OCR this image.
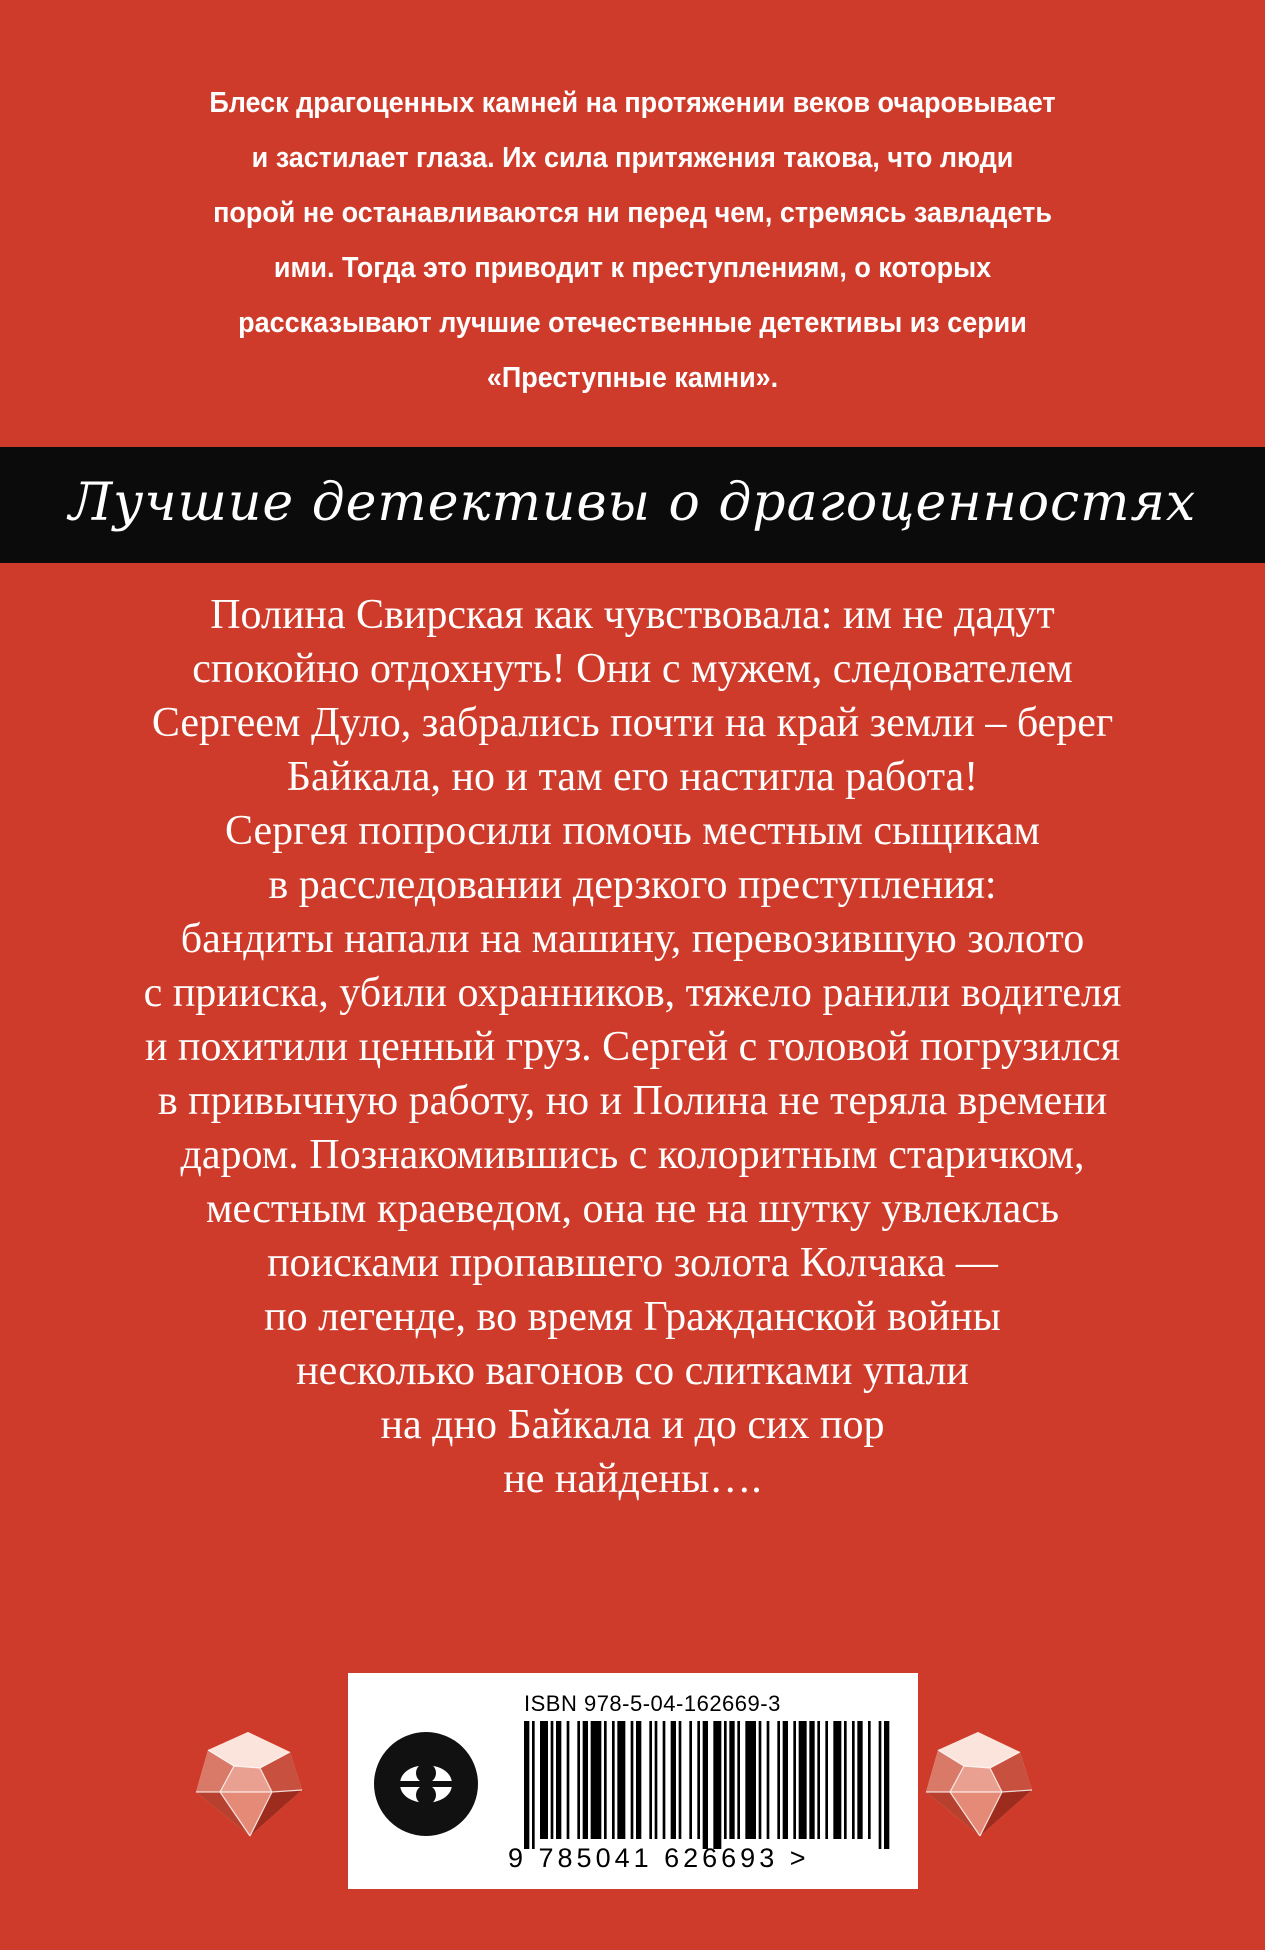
Блеск драгоценных камней на протяжении веков очаровывает
и застилает глаза. Их сила притяжения такова, что люди
порой не останавливаются ни перед чем, стремясь завладеть
ими. Тогда это приводит к преступлениям, о которых
рассказывают лучшие отечественные детективы из серии
«Преступные камни».
Лучшие детективы о драгоценностях
Полина Свирская как чувствовала: им не дадут
спокойно отдохнуть! Они с мужем, следователем
Сергеем Дуло, забрались почти на край земли – берег
Байкала, но и там его настигла работа!
Сергея попросили помочь местным сыщикам
в расследовании дерзкого преступления:
бандиты напали на машину, перевозившую золото
с прииска, убили охранников, тяжело ранили водителя
и похитили ценный груз. Сергей с головой погрузился
в привычную работу, но и Полина не теряла времени
даром. Познакомившись с колоритным старичком,
местным краеведом, она не на шутку увлеклась
поисками пропавшего золота Колчака —
по легенде, во время Гражданской войны
несколько вагонов со слитками упали
на дно Байкала и до сих пор
не найдены….
ISBN 978-5-04-162669-3
9 785041 626693 >
